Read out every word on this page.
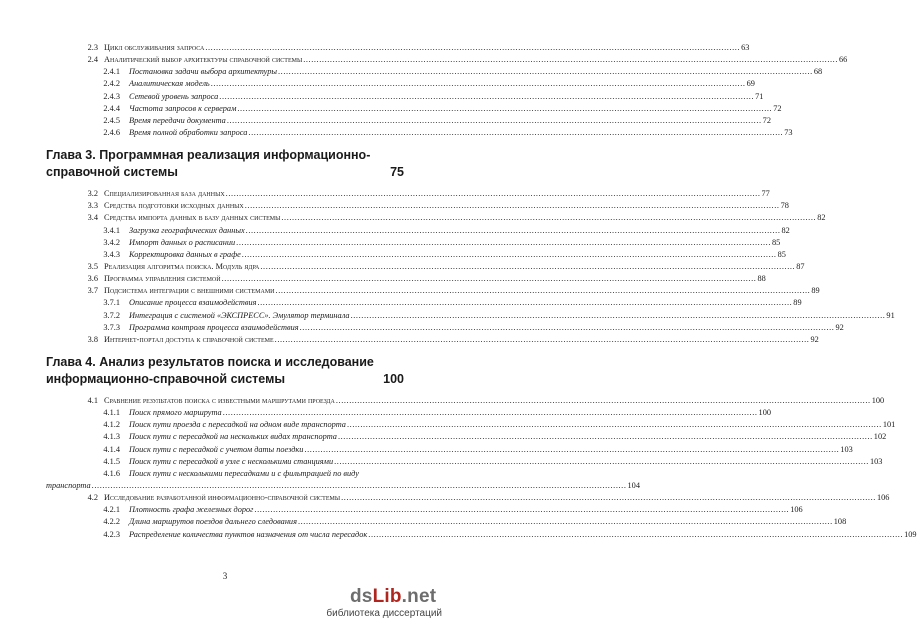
2.3 Цикл обслуживания запроса .....	63
2.4 Аналитический выбор архитектуры справочной системы .....	66
2.4.1 Постановка задачи выбора архитектуры .....	68
2.4.2 Аналитическая модель .....	69
2.4.3 Сетевой уровень запроса .....	71
2.4.4 Частота запросов к серверам .....	72
2.4.5 Время передачи документа .....	72
2.4.6 Время полной обработки запроса .....	73
Глава 3. Программная реализация информационно-
справочной системы	75
3.2 Специализированная база данных .....	77
3.3 Средства подготовки исходных данных .....	78
3.4 Средства импорта данных в базу данных системы .....	82
3.4.1 Загрузка географических данных .....	82
3.4.2 Импорт данных о расписании .....	85
3.4.3 Корректировка данных в графе .....	85
3.5 Реализация алгоритма поиска. Модуль ядра .....	87
3.6 Программа управления системой .....	88
3.7 Подсистема интеграции с внешними системами .....	89
3.7.1 Описание процесса взаимодействия .....	89
3.7.2 Интеграция с системой «ЭКСПРЕСС». Эмулятор терминала .....	91
3.7.3 Программа контроля процесса взаимодействия .....	92
3.8 Интернет-портал доступа к справочной системе .....	92
Глава 4. Анализ результатов поиска и исследование
информационно-справочной системы	100
4.1 Сравнение результатов поиска с известными маршрутами проезда .....	100
4.1.1 Поиск прямого маршрута .....	100
4.1.2 Поиск пути проезда с пересадкой на одном виде транспорта .....	101
4.1.3 Поиск пути с пересадкой на нескольких видах транспорта .....	102
4.1.4 Поиск пути с пересадкой с учетом даты поездки .....	103
4.1.5 Поиск пути с пересадкой в узле с несколькими станциями .....	103
4.1.6 Поиск пути с несколькими пересадками и с фильтрацией по виду
транспорта .....	104
4.2 Исследование разработанной информационно-справочной системы .....	106
4.2.1 Плотность графа железных дорог .....	106
4.2.2 Длина маршрутов поездов дальнего следования .....	108
4.2.3 Распределение количества пунктов назначения от числа пересадок .....	109
3
dsLib.net
библиотека диссертаций
